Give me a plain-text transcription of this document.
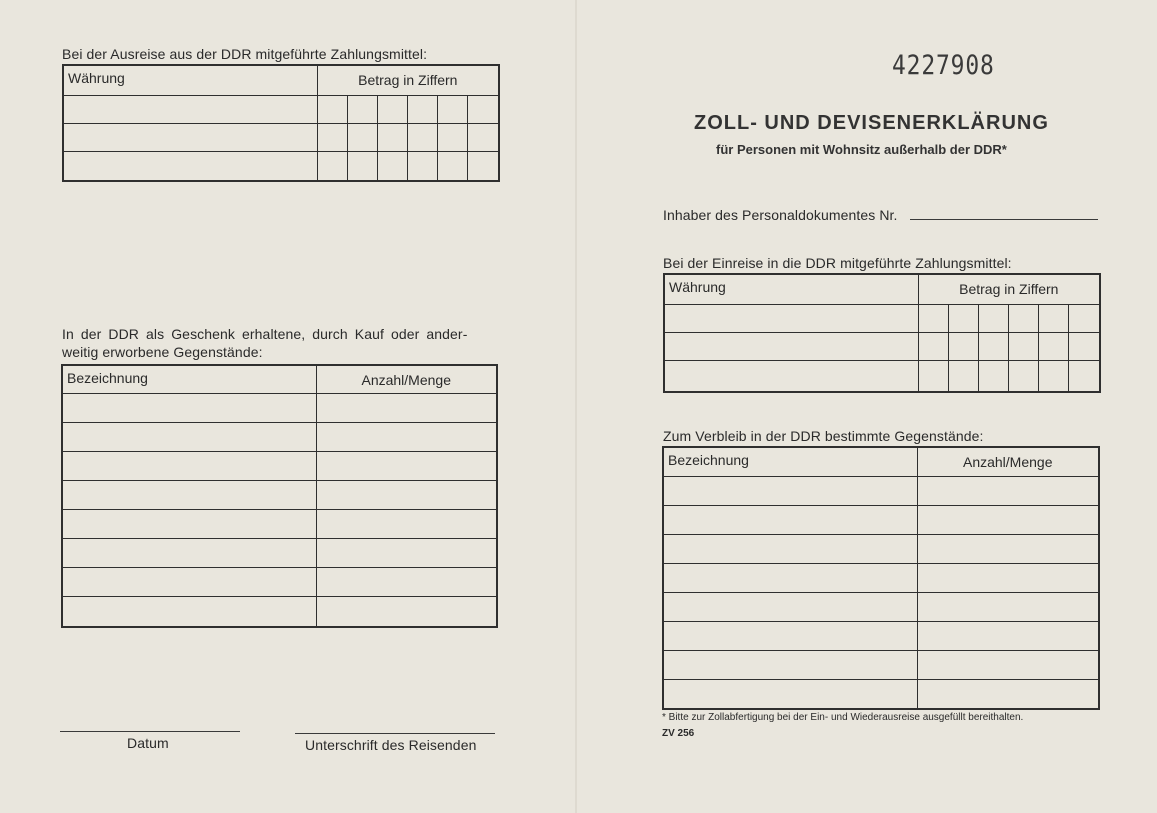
Bei der Ausreise aus der DDR mitgeführte Zahlungsmittel:
Währung	Betrag in Ziffern					

In der DDR als Geschenk erhaltene, durch Kauf oder ander-
weitig erworbene Gegenstände:
Bezeichnung	Anzahl/Menge

Datum	Unterschrift des Reisenden
4227908
ZOLL- UND DEVISENERKLÄRUNG
für Personen mit Wohnsitz außerhalb der DDR*
Inhaber des Personaldokumentes Nr.
Bei der Einreise in die DDR mitgeführte Zahlungsmittel:
Währung	Betrag in Ziffern					

Zum Verbleib in der DDR bestimmte Gegenstände:
Bezeichnung	Anzahl/Menge

* Bitte zur Zollabfertigung bei der Ein- und Wiederausreise ausgefüllt bereithalten.
ZV 256
